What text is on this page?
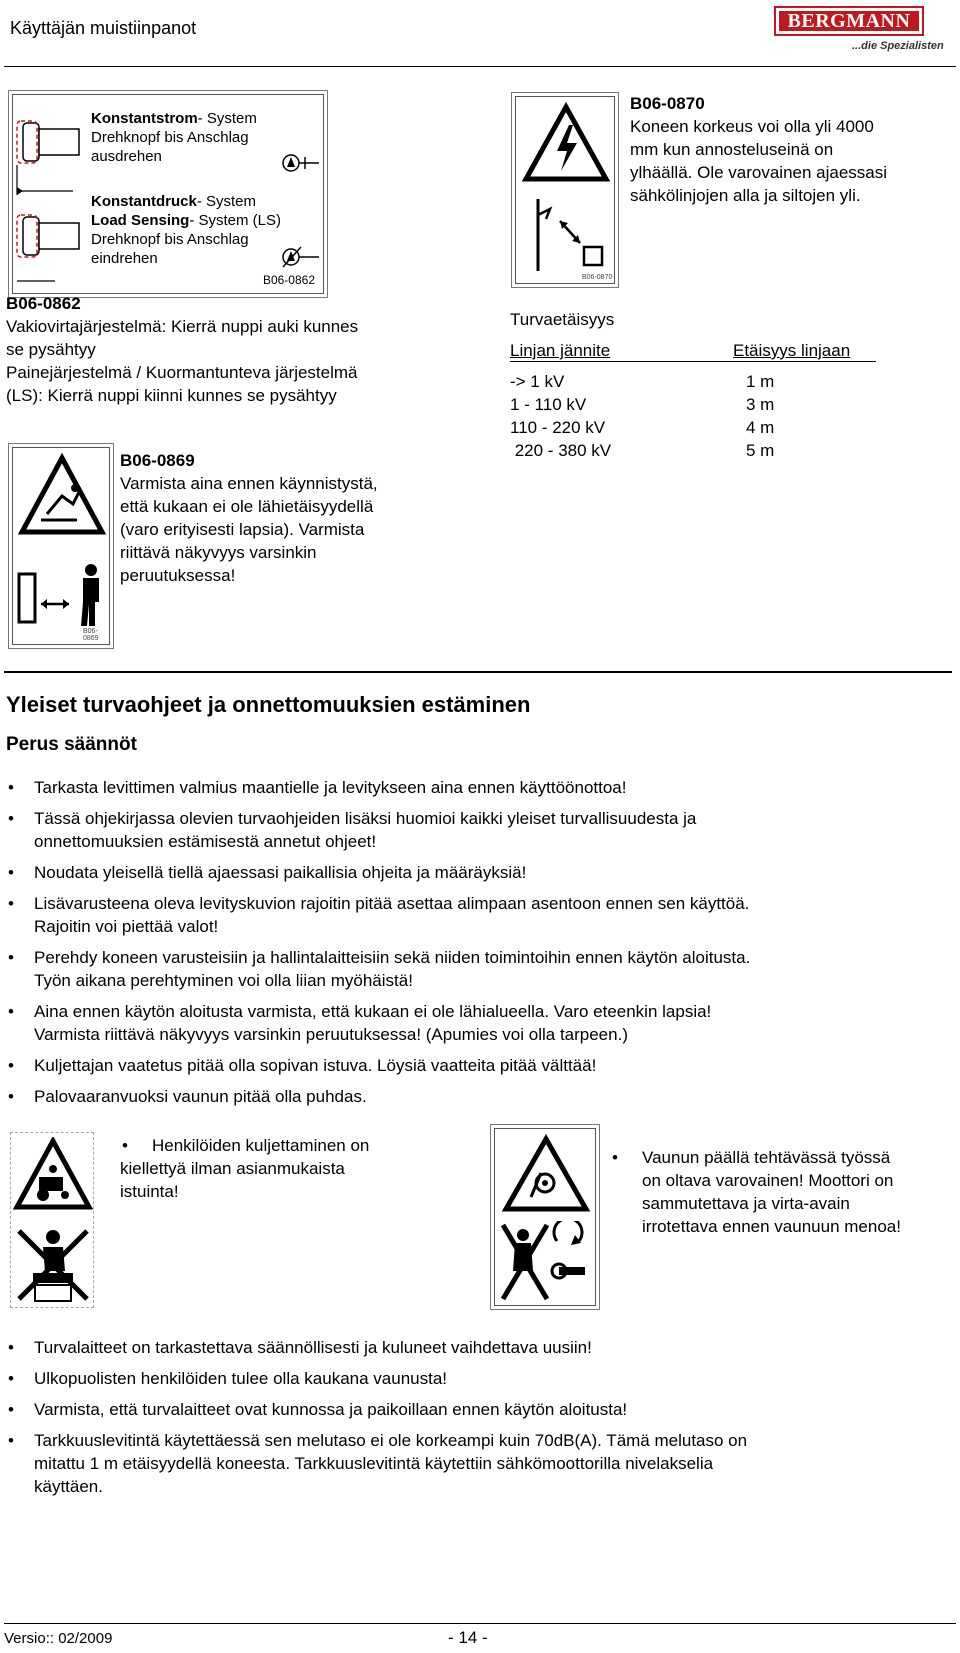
Käyttäjän muistiinpanot	BERGMANN
...die Spezialisten
Konstantstrom- System
Drehknopf bis Anschlag
ausdrehen
Konstantdruck- System
Load Sensing- System (LS)
Drehknopf bis Anschlag
eindrehen
B06-0862
B06-0862
Vakiovirtajärjestelmä: Kierrä nuppi auki kunnes
se pysähtyy
Painejärjestelmä / Kuormantunteva järjestelmä
(LS): Kierrä nuppi kiinni kunnes se pysähtyy
B06-0869
B06-0869
Varmista aina ennen käynnistystä,
että kukaan ei ole lähietäisyydellä
(varo erityisesti lapsia). Varmista
riittävä näkyvyys varsinkin
peruutuksessa!
B06-0870
B06-0870
Koneen korkeus voi olla yli 4000
mm kun annosteluseinä on
ylhäällä. Ole varovainen ajaessasi
sähkölinjojen alla ja siltojen yli.
Turvaetäisyys
Linjan jännite	Etäisyys linjaan
-> 1 kV	1 m
1 - 110 kV	3 m
110 - 220 kV	4 m
220 - 380 kV	5 m
Yleiset turvaohjeet ja onnettomuuksien estäminen
Perus säännöt
• Tarkasta levittimen valmius maantielle ja levitykseen aina ennen käyttöönottoa!
• Tässä ohjekirjassa olevien turvaohjeiden lisäksi huomioi kaikki yleiset turvallisuudesta ja
onnettomuuksien estämisestä annetut ohjeet!
• Noudata yleisellä tiellä ajaessasi paikallisia ohjeita ja määräyksiä!
• Lisävarusteena oleva levityskuvion rajoitin pitää asettaa alimpaan asentoon ennen sen käyttöä.
Rajoitin voi piettää valot!
• Perehdy koneen varusteisiin ja hallintalaitteisiin sekä niiden toimintoihin ennen käytön aloitusta.
Työn aikana perehtyminen voi olla liian myöhäistä!
• Aina ennen käytön aloitusta varmista, että kukaan ei ole lähialueella. Varo eteenkin lapsia!
Varmista riittävä näkyvyys varsinkin peruutuksessa! (Apumies voi olla tarpeen.)
• Kuljettajan vaatetus pitää olla sopivan istuva. Löysiä vaatteita pitää välttää!
• Palovaaranvuoksi vaunun pitää olla puhdas.
• Henkilöiden kuljettaminen on
kiellettyä ilman asianmukaista
istuinta!
• Vaunun päällä tehtävässä työssä
on oltava varovainen! Moottori on
sammutettava ja virta-avain
irrotettava ennen vaunuun menoa!
• Turvalaitteet on tarkastettava säännöllisesti ja kuluneet vaihdettava uusiin!
• Ulkopuolisten henkilöiden tulee olla kaukana vaunusta!
• Varmista, että turvalaitteet ovat kunnossa ja paikoillaan ennen käytön aloitusta!
• Tarkkuuslevitintä käytettäessä sen melutaso ei ole korkeampi kuin 70dB(A). Tämä melutaso on
mitattu 1 m etäisyydellä koneesta. Tarkkuuslevitintä käytettiin sähkömoottorilla nivelakselia
käyttäen.
Versio:: 02/2009	- 14 -
